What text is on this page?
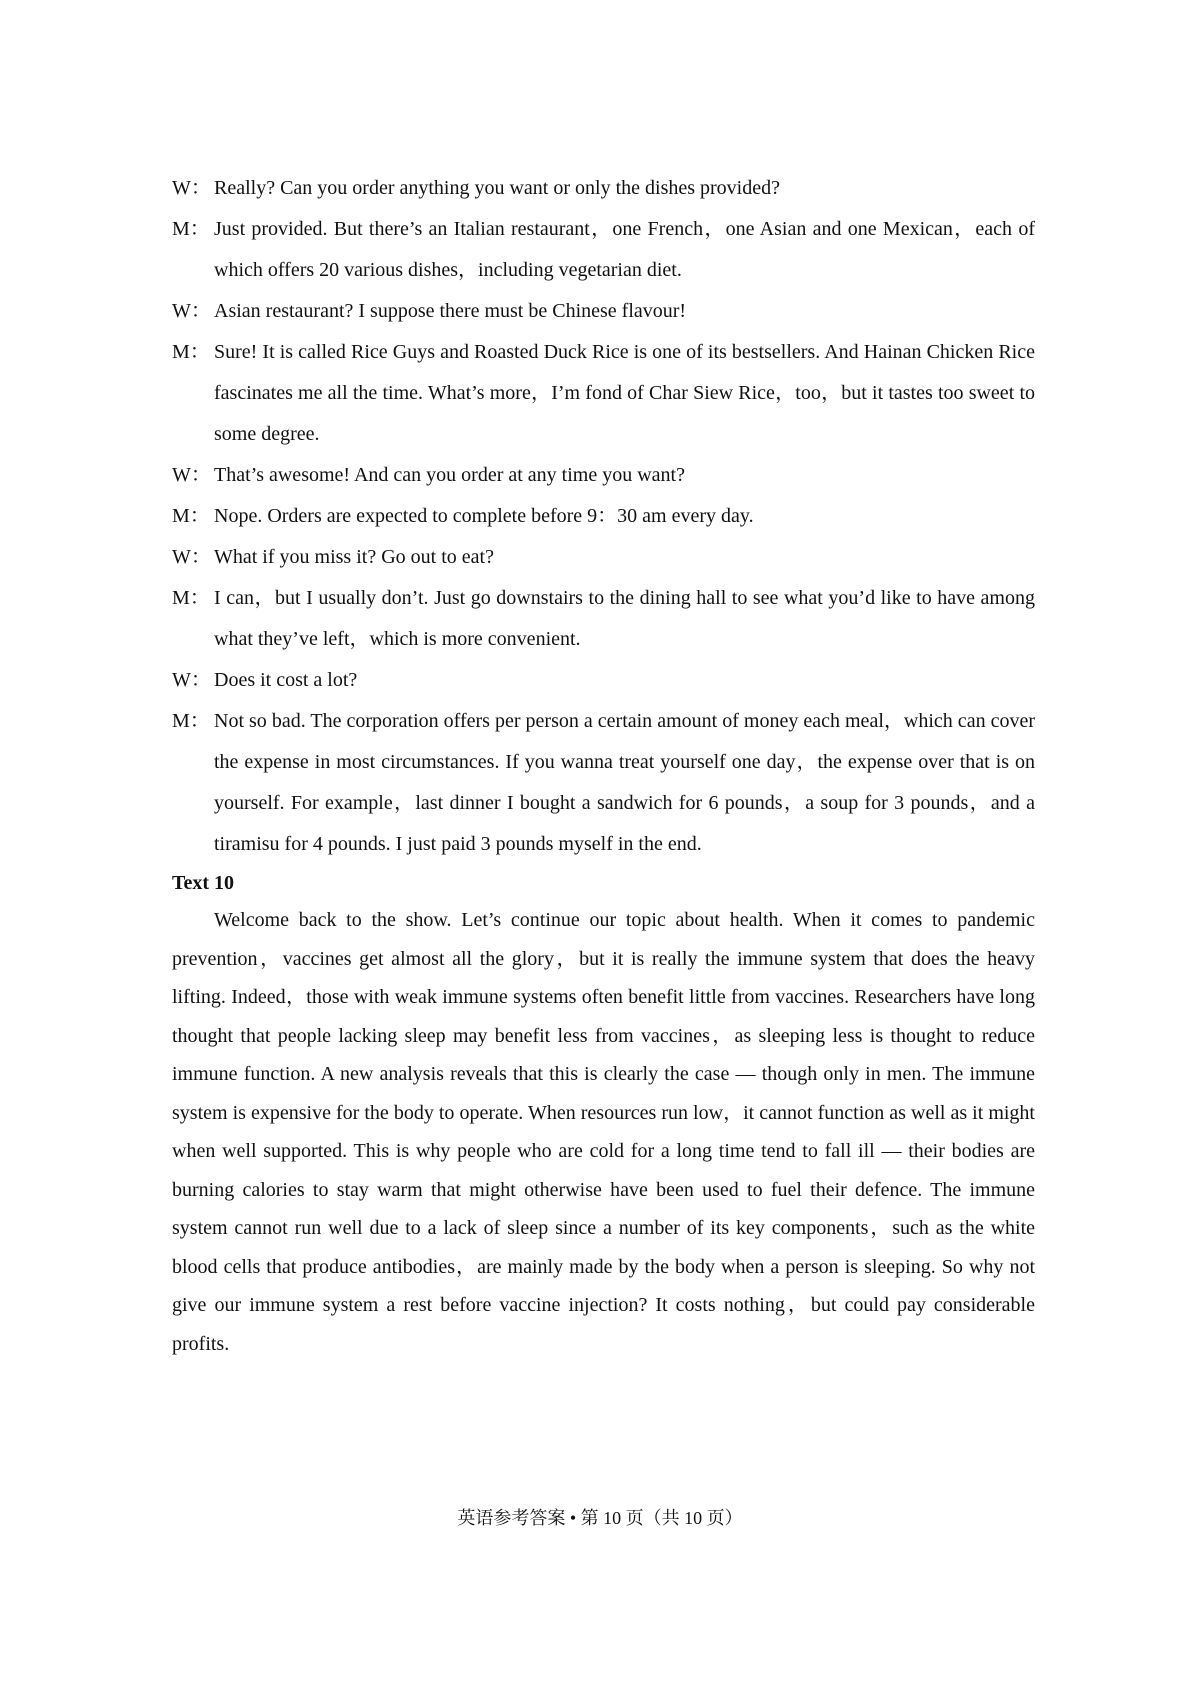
W： Really? Can you order anything you want or only the dishes provided?
M： Just provided. But there’s an Italian restaurant，one French，one Asian and one Mexican，each of which offers 20 various dishes，including vegetarian diet.
W： Asian restaurant? I suppose there must be Chinese flavour!
M： Sure! It is called Rice Guys and Roasted Duck Rice is one of its bestsellers. And Hainan Chicken Rice fascinates me all the time. What’s more，I’m fond of Char Siew Rice，too，but it tastes too sweet to some degree.
W： That’s awesome! And can you order at any time you want?
M： Nope. Orders are expected to complete before 9：30 am every day.
W： What if you miss it? Go out to eat?
M： I can，but I usually don’t. Just go downstairs to the dining hall to see what you’d like to have among what they’ve left，which is more convenient.
W： Does it cost a lot?
M： Not so bad. The corporation offers per person a certain amount of money each meal，which can cover the expense in most circumstances. If you wanna treat yourself one day，the expense over that is on yourself. For example，last dinner I bought a sandwich for 6 pounds，a soup for 3 pounds，and a tiramisu for 4 pounds. I just paid 3 pounds myself in the end.
Text 10

Welcome back to the show. Let’s continue our topic about health. When it comes to pandemic prevention，vaccines get almost all the glory，but it is really the immune system that does the heavy lifting. Indeed，those with weak immune systems often benefit little from vaccines. Researchers have long thought that people lacking sleep may benefit less from vaccines，as sleeping less is thought to reduce immune function. A new analysis reveals that this is clearly the case — though only in men. The immune system is expensive for the body to operate. When resources run low，it cannot function as well as it might when well supported. This is why people who are cold for a long time tend to fall ill — their bodies are burning calories to stay warm that might otherwise have been used to fuel their defence. The immune system cannot run well due to a lack of sleep since a number of its key components，such as the white blood cells that produce antibodies，are mainly made by the body when a person is sleeping. So why not give our immune system a rest before vaccine injection? It costs nothing，but could pay considerable profits.

英语参考答案 • 第 10 页（共 10 页）
